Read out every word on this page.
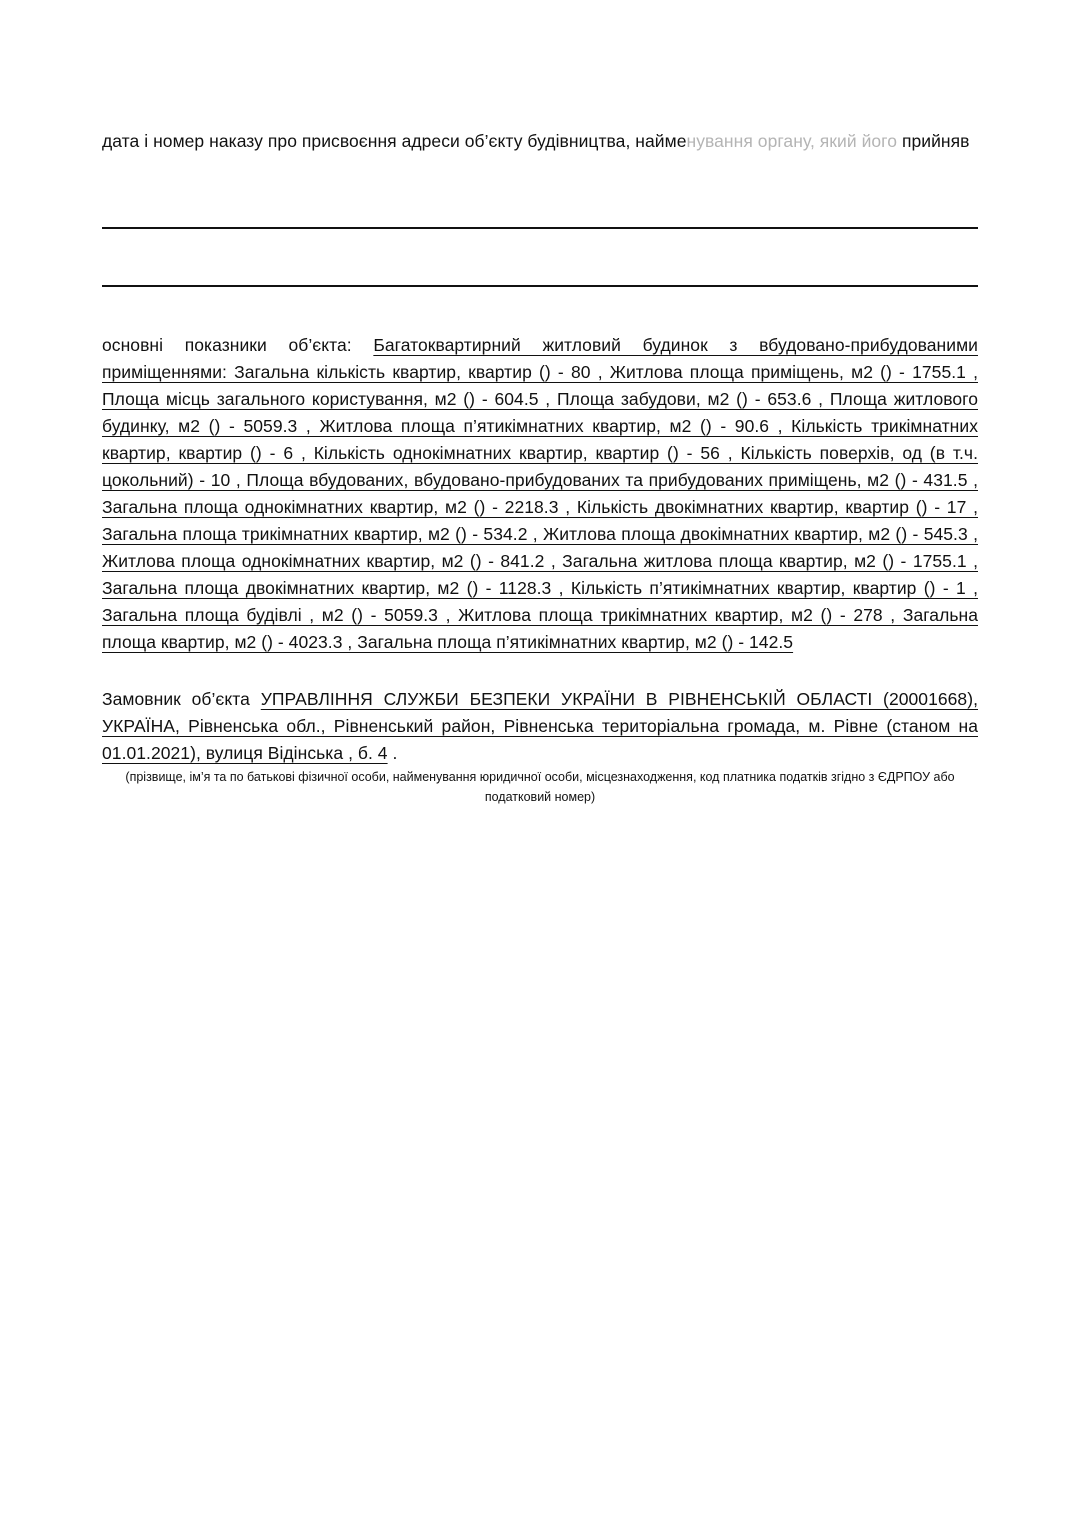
дата і номер наказу про присвоєння адреси об’єкту будівництва, найменування органу, який його прийняв
основні показники об’єкта: Багатоквартирний житловий будинок з вбудовано-прибудованими приміщеннями: Загальна кількість квартир, квартир () - 80 , Житлова площа приміщень, м2 () - 1755.1 , Площа місць загального користування, м2 () - 604.5 , Площа забудови, м2 () - 653.6 , Площа житлового будинку, м2 () - 5059.3 , Житлова площа п’ятикімнатних квартир, м2 () - 90.6 , Кількість трикімнатних квартир, квартир () - 6 , Кількість однокімнатних квартир, квартир () - 56 , Кількість поверхів, од (в т.ч. цокольний) - 10 , Площа вбудованих, вбудовано-прибудованих та прибудованих приміщень, м2 () - 431.5 , Загальна площа однокімнатних квартир, м2 () - 2218.3 , Кількість двокімнатних квартир, квартир () - 17 , Загальна площа трикімнатних квартир, м2 () - 534.2 , Житлова площа двокімнатних квартир, м2 () - 545.3 , Житлова площа однокімнатних квартир, м2 () - 841.2 , Загальна житлова площа квартир, м2 () - 1755.1 , Загальна площа двокімнатних квартир, м2 () - 1128.3 , Кількість п’ятикімнатних квартир, квартир () - 1 , Загальна площа будівлі , м2 () - 5059.3 , Житлова площа трикімнатних квартир, м2 () - 278 , Загальна площа квартир, м2 () - 4023.3 , Загальна площа п’ятикімнатних квартир, м2 () - 142.5
Замовник об’єкта УПРАВЛІННЯ СЛУЖБИ БЕЗПЕКИ УКРАЇНИ В РІВНЕНСЬКІЙ ОБЛАСТІ (20001668), УКРАЇНА, Рівненська обл., Рівненський район, Рівненська територіальна громада, м. Рівне (станом на 01.01.2021), вулиця Відінська , б. 4 .
(прізвище, ім’я та по батькові фізичної особи, найменування юридичної особи, місцезнаходження, код платника податків згідно з ЄДРПОУ або податковий номер)
